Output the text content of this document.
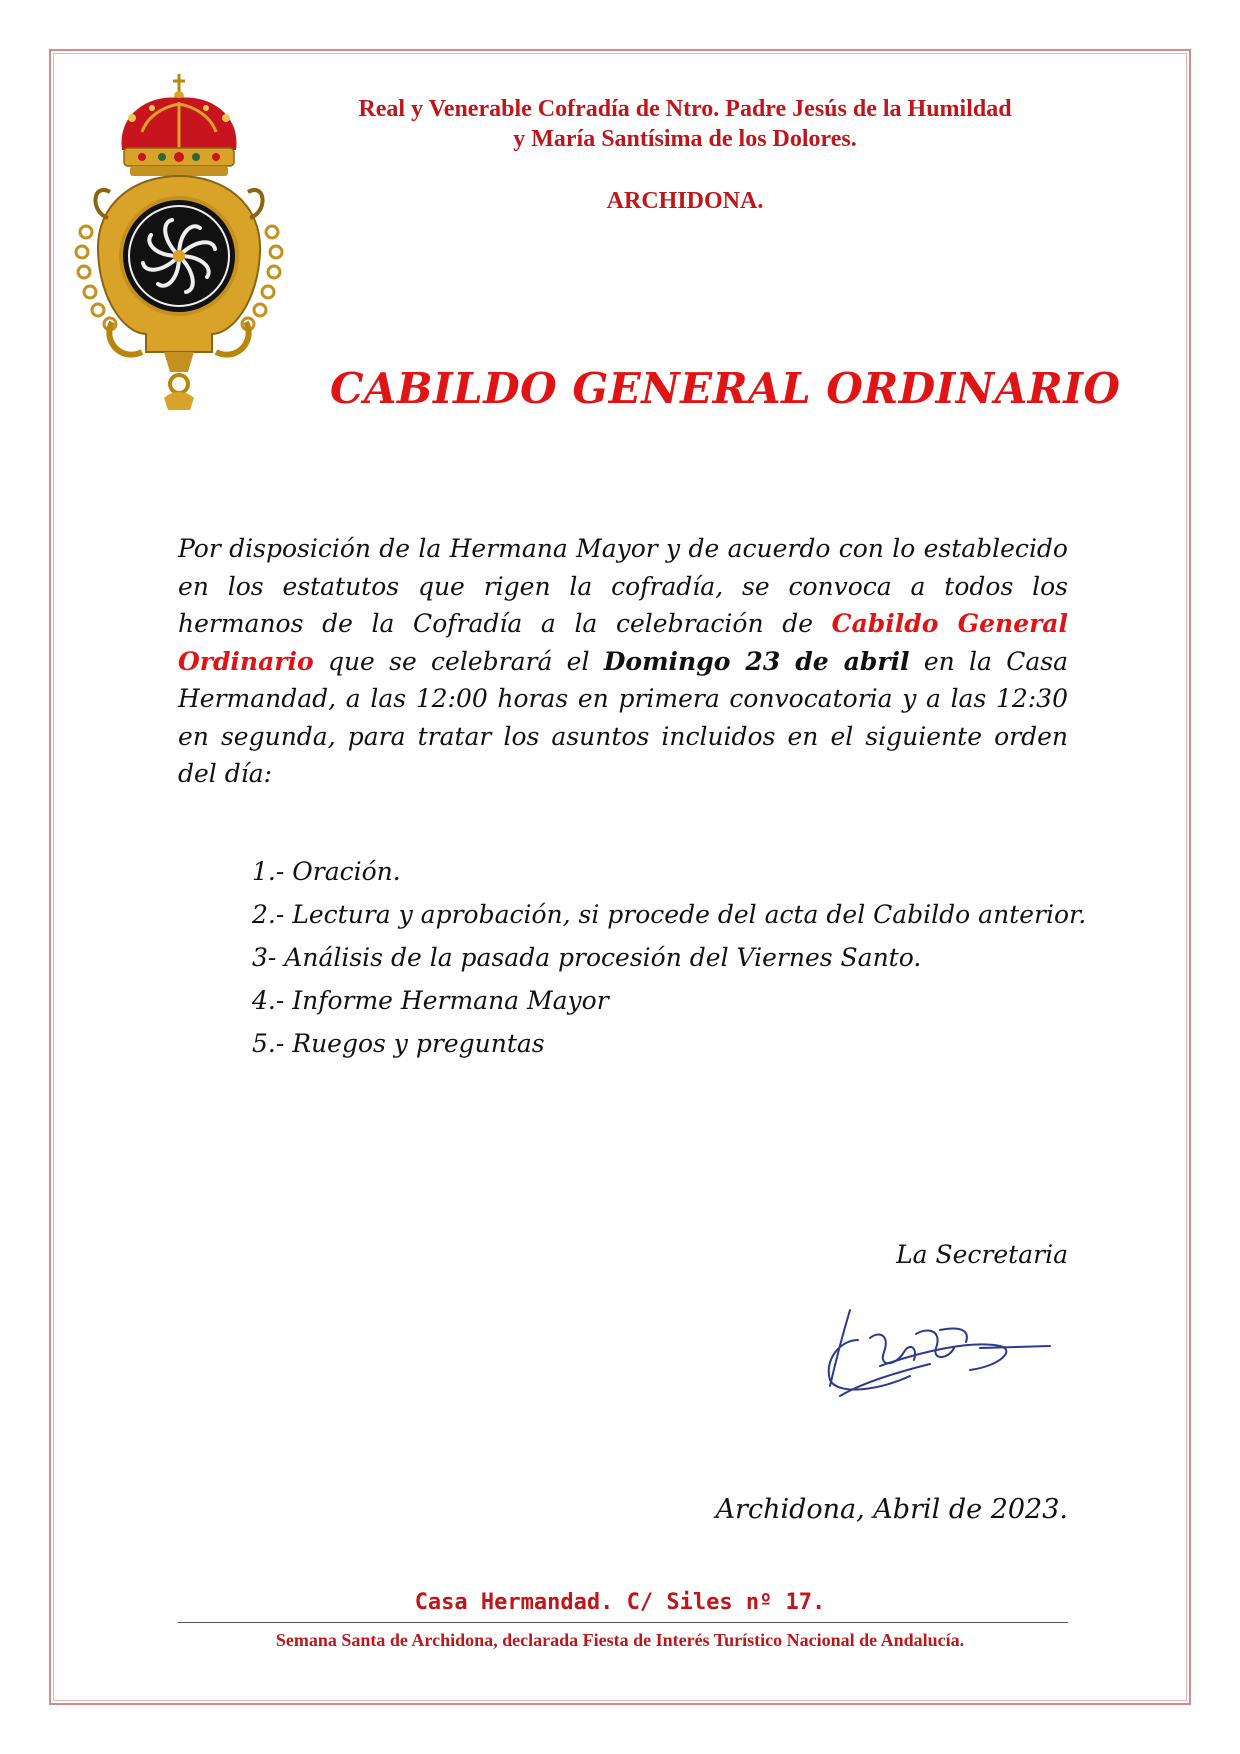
Real y Venerable Cofradía de Ntro. Padre Jesús de la Humildad

y María Santísima de los Dolores.

ARCHIDONA.

CABILDO GENERAL ORDINARIO

Por disposición de la Hermana Mayor y de acuerdo con lo establecido en los estatutos que rigen la cofradía, se convoca a todos los hermanos de la Cofradía a la celebración de Cabildo General Ordinario que se celebrará el Domingo 23 de abril en la Casa Hermandad, a las 12:00 horas en primera convocatoria y a las 12:30 en segunda, para tratar los asuntos incluidos en el siguiente orden del día:

1.- Oración.
2.- Lectura y aprobación, si procede del acta del Cabildo anterior.
3- Análisis de la pasada procesión del Viernes Santo.
4.- Informe Hermana Mayor
5.- Ruegos y preguntas

La Secretaria

Archidona, Abril de 2023.

Casa Hermandad. C/ Siles nº 17.

Semana Santa de Archidona, declarada Fiesta de Interés Turístico Nacional de Andalucía.
